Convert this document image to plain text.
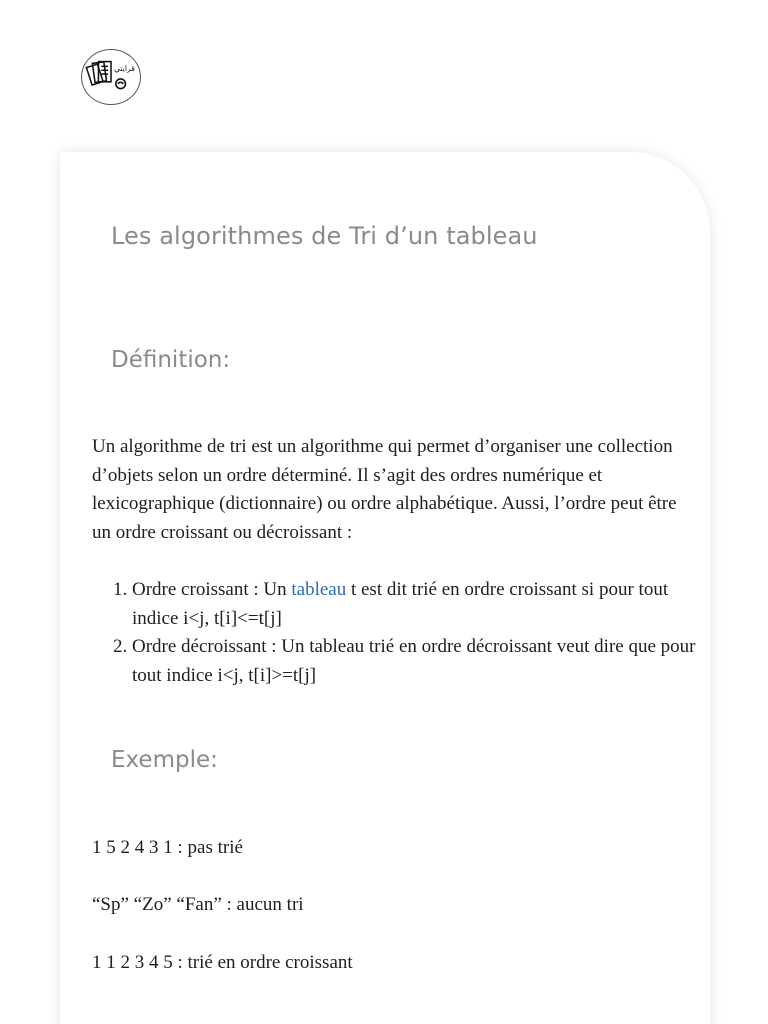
قرايتي
Les algorithmes de Tri d’un tableau
Définition:

Un algorithme de tri est un algorithme qui permet d’organiser une collection d’objets selon un ordre déterminé. Il s’agit des ordres numérique et lexicographique (dictionnaire) ou ordre alphabétique. Aussi, l’ordre peut être un ordre croissant ou décroissant :

1. Ordre croissant : Un tableau t est dit trié en ordre croissant si pour tout indice i<j, t[i]<=t[j]
2. Ordre décroissant : Un tableau trié en ordre décroissant veut dire que pour tout indice i<j, t[i]>=t[j]
Exemple:

1 5 2 4 3 1 : pas trié

“Sp” “Zo” “Fan” : aucun tri

1 1 2 3 4 5 : trié en ordre croissant
